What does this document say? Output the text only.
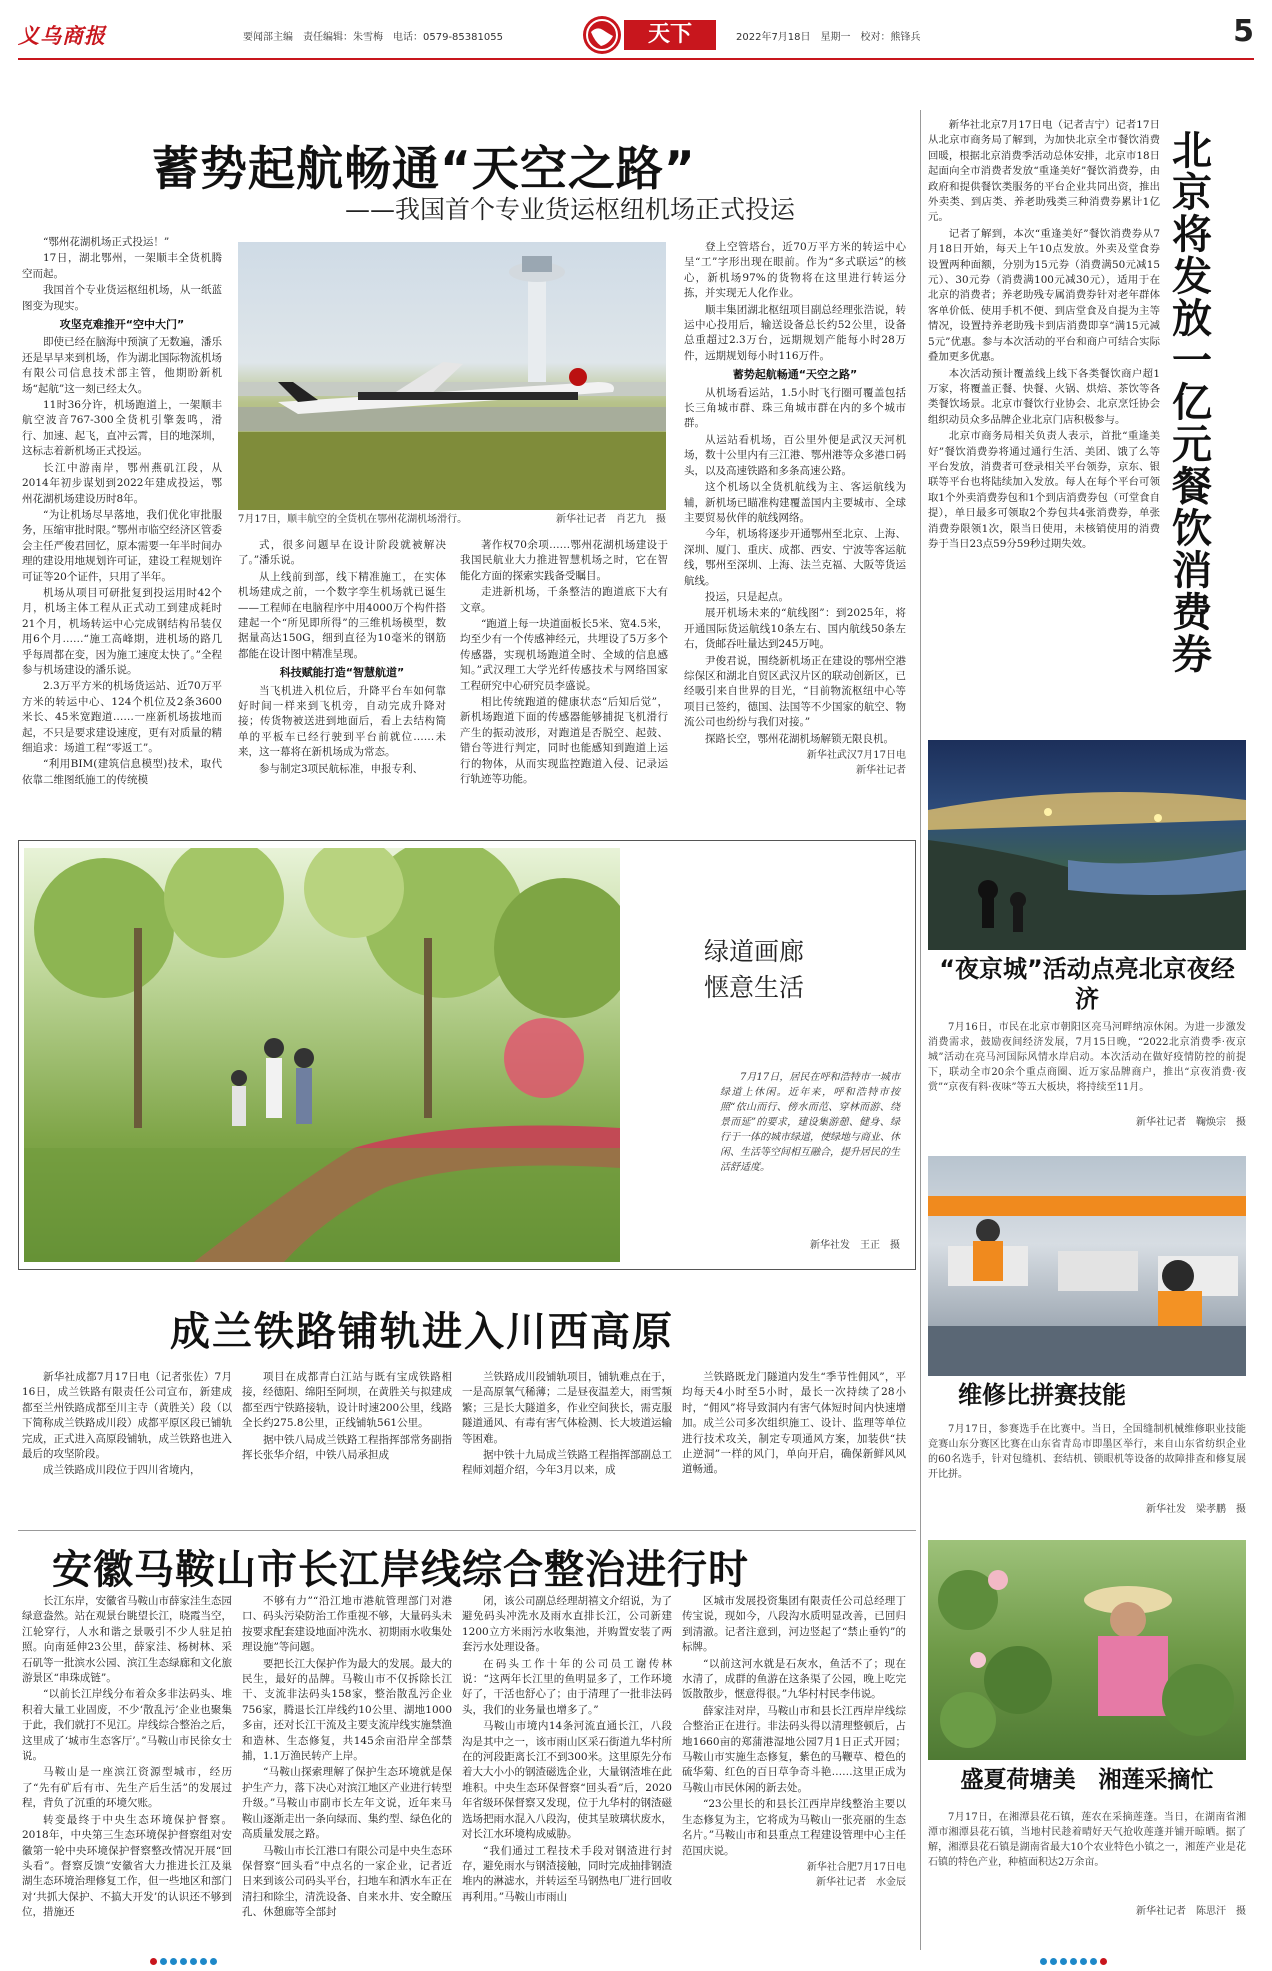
义乌商报	要闻部主编　责任编辑：朱雪梅　电话：0579-85381055	天下	2022年7月18日　星期一　校对：熊锋兵	5
蓄势起航畅通“天空之路”
——我国首个专业货运枢纽机场正式投运

“鄂州花湖机场正式投运！”

17日，湖北鄂州，一架顺丰全货机腾空而起。

我国首个专业货运枢纽机场，从一纸蓝图变为现实。

攻坚克难推开“空中大门”

即使已经在脑海中预演了无数遍，潘乐还是早早来到机场，作为湖北国际物流机场有限公司信息技术部主管，他期盼新机场“起航”这一刻已经太久。

11时36分许，机场跑道上，一架顺丰航空波音767-300全货机引擎轰鸣，滑行、加速、起飞，直冲云霄，目的地深圳，这标志着新机场正式投运。

长江中游南岸，鄂州燕矶江段，从2014年初步谋划到2022年建成投运，鄂州花湖机场建设历时8年。

“为让机场尽早落地，我们优化审批服务，压缩审批时限。”鄂州市临空经济区管委会主任严俊君回忆，原本需要一年半时间办理的建设用地规划许可证，建设工程规划许可证等20个证件，只用了半年。

机场从项目可研批复到投运用时42个月，机场主体工程从正式动工到建成耗时21个月，机场转运中心完成钢结构吊装仅用6个月……“施工高峰期，进机场的路几乎每周都在变，因为施工速度太快了。”全程参与机场建设的潘乐说。

2.3万平方米的机场货运站、近70万平方米的转运中心、124个机位及2条3600米长、45米宽跑道……一座新机场拔地而起，不只是要求建设速度，更有对质量的精细追求：场道工程“零返工”。

“利用BIM(建筑信息模型)技术，取代依靠二维图纸施工的传统模

7月17日，顺丰航空的全货机在鄂州花湖机场滑行。	新华社记者　肖艺九　摄

式，很多问题早在设计阶段就被解决了。”潘乐说。

从上线前到部，线下精准施工，在实体机场建成之前，一个数字孪生机场就已诞生——工程师在电脑程序中用4000万个构件搭建起一个“所见即所得”的三维机场模型，数据量高达150G，细到直径为10毫米的钢筋都能在设计图中精准呈现。

科技赋能打造“智慧航道”

当飞机进入机位后，升降平台车如何靠好时间一样来到飞机旁，自动完成升降对接；传货物被送进到地面后，看上去结构简单的平板车已经行驶到平台前就位……未来，这一幕将在新机场成为常态。

参与制定3项民航标准，申报专利、

著作权70余项……鄂州花湖机场建设于我国民航业大力推进智慧机场之时，它在智能化方面的探索实践备受瞩目。

走进新机场，千条整洁的跑道底下大有文章。

“跑道上每一块道面板长5米、宽4.5米，均至少有一个传感神经元，共埋设了5万多个传感器，实现机场跑道全时、全域的信息感知。”武汉理工大学光纤传感技术与网络国家工程研究中心研究员李盛说。

相比传统跑道的健康状态“后知后觉”，新机场跑道下面的传感器能够捕捉飞机滑行产生的振动波形，对跑道是否脱空、起鼓、错台等进行判定，同时也能感知到跑道上运行的物体，从而实现监控跑道入侵、记录运行轨迹等功能。

登上空管塔台，近70万平方米的转运中心呈“工”字形出现在眼前。作为“多式联运”的核心，新机场97%的货物将在这里进行转运分拣，并实现无人化作业。

顺丰集团湖北枢纽项目副总经理张浩说，转运中心投用后，输送设备总长约52公里，设备总重超过2.3万台，远期规划产能每小时28万件，远期规划每小时116万件。

蓄势起航畅通“天空之路”

从机场看运站，1.5小时飞行圈可覆盖包括长三角城市群、珠三角城市群在内的多个城市群。

从运站看机场，百公里外便是武汉天河机场，数十公里内有三江港、鄂州港等众多港口码头，以及高速铁路和多条高速公路。

这个机场以全货机航线为主、客运航线为辅，新机场已瞄准构建覆盖国内主要城市、全球主要贸易伙伴的航线网络。

今年，机场将逐步开通鄂州至北京、上海、深圳、厦门、重庆、成都、西安、宁波等客运航线，鄂州至深圳、上海、法兰克福、大阪等货运航线。

投运，只是起点。

展开机场未来的“航线图”：到2025年，将开通国际货运航线10条左右、国内航线50条左右，货邮吞吐量达到245万吨。

尹俊君说，围绕新机场正在建设的鄂州空港综保区和湖北自贸区武汉片区的联动创新区，已经吸引来自世界的目光，“目前物流枢纽中心等项目已签约，德国、法国等不少国家的航空、物流公司也纷纷与我们对接。”

探路长空，鄂州花湖机场解锁无限良机。

新华社武汉7月17日电
新华社记者

新华社北京7月17日电（记者吉宁）记者17日从北京市商务局了解到，为加快北京全市餐饮消费回暖，根据北京消费季活动总体安排，北京市18日起面向全市消费者发放“重逢美好”餐饮消费券，由政府和提供餐饮类服务的平台企业共同出资，推出外卖类、到店类、养老助残类三种消费券累计1亿元。

记者了解到，本次“重逢美好”餐饮消费券从7月18日开始，每天上午10点发放。外卖及堂食券设置两种面额，分别为15元券（消费满50元减15元）、30元券（消费满100元减30元），适用于在北京的消费者；养老助残专属消费券针对老年群体客单价低、使用手机不便、到店堂食及自提为主等情况，设置持养老助残卡到店消费即享“满15元减5元”优惠。参与本次活动的平台和商户可结合实际叠加更多优惠。

本次活动预计覆盖线上线下各类餐饮商户超1万家，将覆盖正餐、快餐、火锅、烘焙、茶饮等各类餐饮场景。北京市餐饮行业协会、北京烹饪协会组织动员众多品牌企业北京门店积极参与。

北京市商务局相关负责人表示，首批“重逢美好”餐饮消费券将通过通行生活、美团、饿了么等平台发放，消费者可登录相关平台领券，京东、银联等平台也将陆续加入发放。每人在每个平台可领取1个外卖消费券包和1个到店消费券包（可堂食自提），单日最多可领取2个券包共4张消费券，单张消费券限领1次，限当日使用，未核销使用的消费券于当日23点59分59秒过期失效。

北京将发放一亿元餐饮消费券
“夜京城”活动点亮北京夜经济
7月16日，市民在北京市朝阳区亮马河畔纳凉休闲。为进一步激发消费需求，鼓励夜间经济发展，7月15日晚，“2022北京消费季·夜京城”活动在亮马河国际风情水岸启动。本次活动在做好疫情防控的前提下，联动全市20余个重点商圈、近万家品牌商户，推出“京夜消费·夜赏”“京夜有料·夜味”等五大板块，将持续至11月。
新华社记者　鞠焕宗　摄
维修比拼赛技能
7月17日，参赛选手在比赛中。当日，全国缝制机械维修职业技能竞赛山东分赛区比赛在山东省青岛市即墨区举行，来自山东省纺织企业的60名选手，针对包缝机、套结机、锁眼机等设备的故障排查和修复展开比拼。
新华社发　梁孝鹏　摄
盛夏荷塘美　湘莲采摘忙
7月17日，在湘潭县花石镇，莲农在采摘莲蓬。当日，在湖南省湘潭市湘潭县花石镇，当地村民趁着晴好天气抢收莲蓬并铺开晾晒。据了解，湘潭县花石镇是湖南省最大10个农业特色小镇之一，湘莲产业是花石镇的特色产业，种植面积达2万余亩。
新华社记者　陈思汗　摄
绿道画廊
惬意生活
7月17日，居民在呼和浩特市一城市绿道上休闲。近年来，呼和浩特市按照“依山而行、傍水而范、穿林而游、绕景而延”的要求，建设集游憩、健身、绿行于一体的城市绿道，使绿地与商业、休闲、生活等空间相互融合，提升居民的生活舒适度。
新华社发　王正　摄
成兰铁路铺轨进入川西高原

新华社成都7月17日电（记者张佐）7月16日，成兰铁路有限责任公司宣布，新建成都至兰州铁路成都至川主寺（黄胜关）段（以下简称成兰铁路成川段）成都平原区段已铺轨完成，正式进入高原段铺轨，成兰铁路也进入最后的攻坚阶段。

成兰铁路成川段位于四川省境内，

项目在成都青白江站与既有宝成铁路相接，经德阳、绵阳至阿坝，在黄胜关与拟建成都至西宁铁路接轨，设计时速200公里，线路全长约275.8公里，正线铺轨561公里。

据中铁八局成兰铁路工程指挥部常务副指挥长张华介绍，中铁八局承担成

兰铁路成川段铺轨项目，铺轨难点在于，一是高原氧气稀薄；二是昼夜温差大，雨雪频繁；三是长大隧道多，作业空间狭长，需克服隧道通风、有毒有害气体检测、长大坡道运输等困难。

据中铁十九局成兰铁路工程指挥部副总工程师刘超介绍，今年3月以来，成

兰铁路既龙门隧道内发生“季节性佣风”，平均每天4小时至5小时，最长一次持续了28小时，“佣风”将导致洞内有害气体短时间内快速增加。成兰公司多次组织施工、设计、监理等单位进行技术攻关，制定专项通风方案，加装供“扶止逆洞”一样的风门，单向开启，确保新鲜风风道畅通。

安徽马鞍山市长江岸线综合整治进行时

长江东岸，安徽省马鞍山市薛家洼生态园绿意盎然。站在观景台眺望长江，晓霞当空，江轮穿行，人水和谐之景吸引不少人驻足拍照。向南延伸23公里，薛家洼、杨树林、采石矶等一批滨水公园、滨江生态绿廊和文化旅游景区“串珠成链”。

“以前长江岸线分布着众多非法码头、堆积着大量工业固废，不少‘散乱污’企业也聚集于此，我们就打不见江。岸线综合整治之后，这里成了‘城市生态客厅’。”马鞍山市民徐女士说。

马鞍山是一座滨江资源型城市，经历了“先有矿后有市、先生产后生活”的发展过程，背负了沉重的环境欠账。

转变最终于中央生态环境保护督察。2018年，中央第三生态环境保护督察组对安徽第一轮中央环境保护督察整改情况开展“回头看”。督察反馈“安徽省大力推进长江及巢湖生态环境治理修复工作，但一些地区和部门对‘共抓大保护、不搞大开发’的认识还不够到位，措施还

不够有力”“沿江地市港航管理部门对港口、码头污染防治工作重视不够，大量码头未按要求配套建设地面冲洗水、初期雨水收集处理设施”等问题。

要把长江大保护作为最大的发展。最大的民生，最好的品牌。马鞍山市不仅拆除长江干、支流非法码头158家，整治散乱污企业756家，腾退长江岸线约10公里、湖地1000多亩，还对长江干流及主要支流岸线实施禁渔和造林、生态修复，共145余亩沿岸全部禁捕，1.1万渔民转产上岸。

“马鞍山探索理解了保护生态环境就是保护生产力，落下决心对滨江地区产业进行转型升级。”马鞍山市副市长左年文说，近年来马鞍山逐渐走出一条向绿而、集约型、绿色化的高质量发展之路。

马鞍山市长江港口有限公司是中央生态环保督察“回头看”中点名的一家企业，记者近日来到该公司码头平台，扫地车和洒水车正在清扫和除尘，清洗设备、自来水井、安全瞭压孔、休憩廊等全部封

闭，该公司副总经理胡禧文介绍说，为了避免码头冲洗水及雨水直排长江，公司新建1200立方米雨污水收集池，并购置安装了两套污水处理设备。

在码头工作十年的公司员工谢传林说：“这两年长江里的鱼明显多了，工作环境好了，干活也舒心了；由于清理了一批非法码头，我们的业务量也增多了。”

马鞍山市境内14条河流直通长江，八段沟是其中之一，该市雨山区采石街道九华村所在的河段距离长江不到300米。这里原先分布着大大小小的钢渣磁选企业，大量钢渣堆在此堆积。中央生态环保督察“回头看”后，2020年省级环保督察又发现，位于九华村的钢渣磁选场把雨水混入八段沟，使其呈玻璃状废水，对长江水环境构成威胁。

“我们通过工程技术手段对钢渣进行封存，避免雨水与钢渣接触，同时完成抽排钢渣堆内的淋滤水，并转运至马钢热电厂进行回收再利用。”马鞍山市雨山

区城市发展投资集团有限责任公司总经理丁传宝说，现如今，八段沟水质明显改善，已回归到清澈。记者注意到，河边竖起了“禁止垂钓”的标牌。

“以前这河水就是石灰水，鱼活不了；现在水清了，成群的鱼游在这条渠了公园，晚上吃完饭散散步，惬意得很。”九华村村民李伟说。

薛家洼对岸，马鞍山市和县长江西岸岸线综合整治正在进行。非法码头得以清理整顿后，占地1660亩的郑蒲港湿地公园7月1日正式开园；马鞍山市实施生态修复，紫色的马鞭草、橙色的硫华菊、红色的百日草争奇斗艳……这里正成为马鞍山市民休闲的新去处。

“23公里长的和县长江西岸岸线整治主要以生态修复为主，它将成为马鞍山一张亮丽的生态名片。”马鞍山市和县重点工程建设管理中心主任范国庆说。

新华社合肥7月17日电
新华社记者　水金辰
